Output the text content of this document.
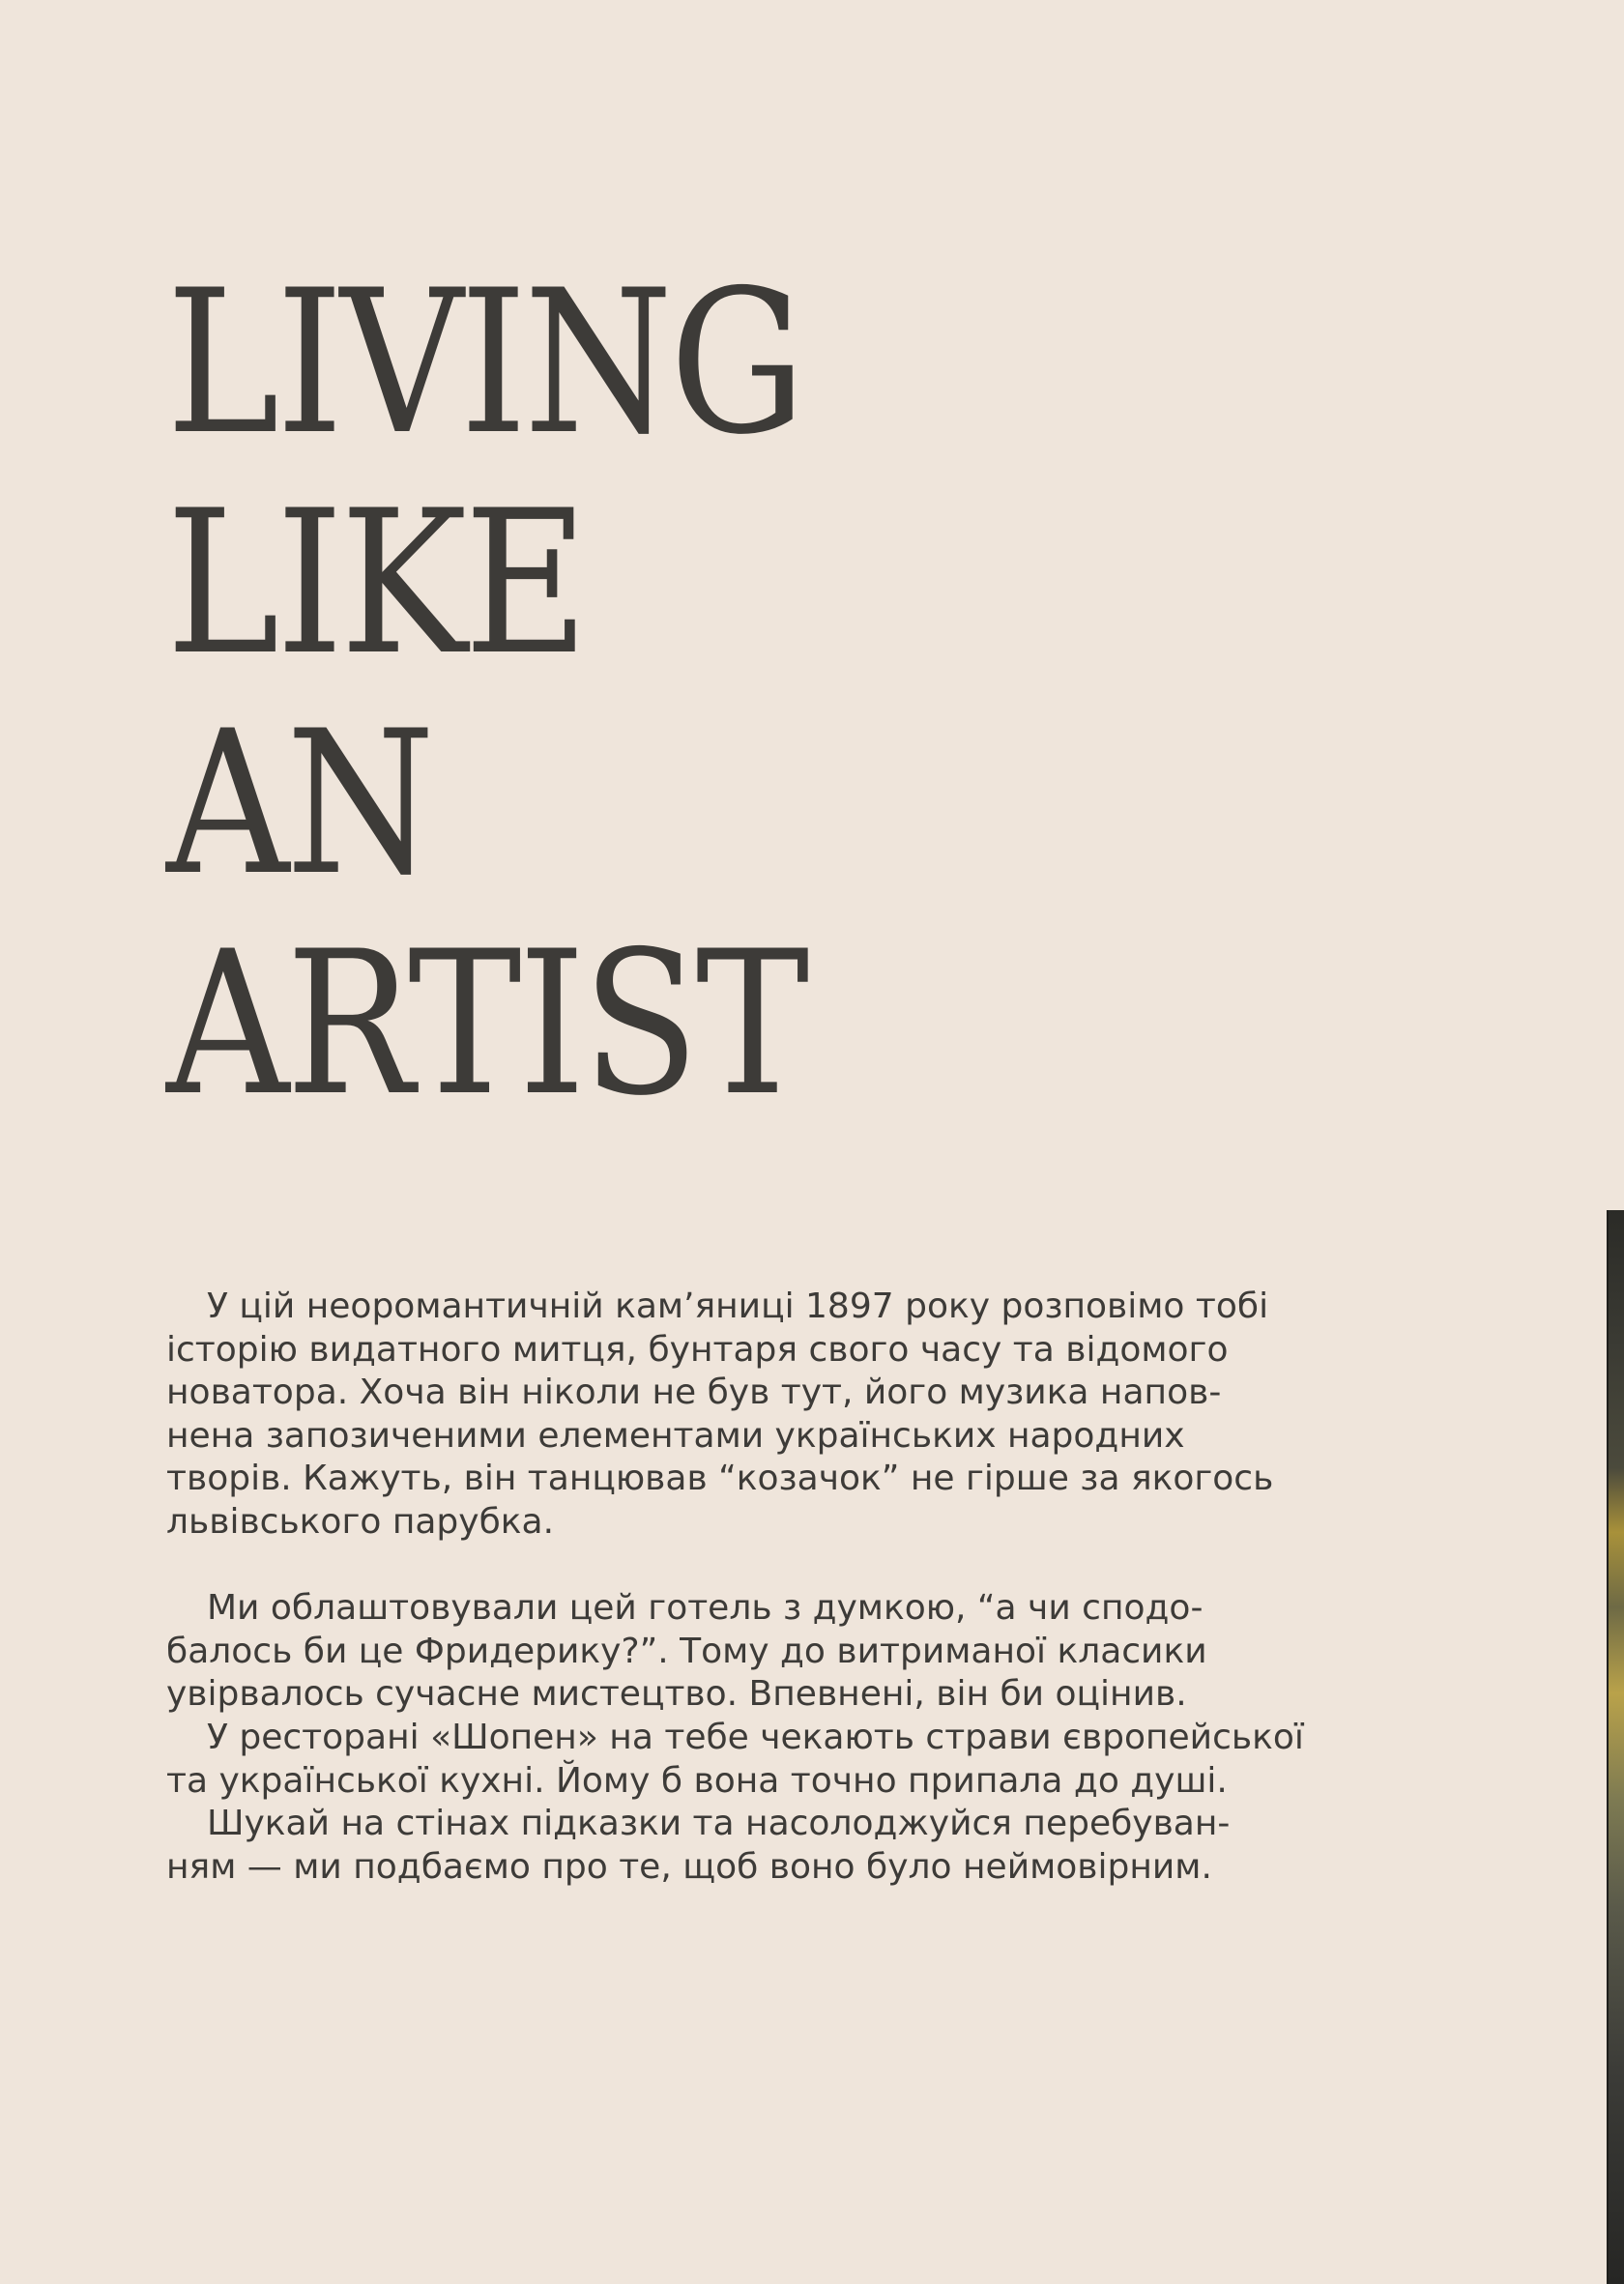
LIVING
LIKE
AN
ARTIST

У цій неоромантичній кам’яниці 1897 року розповімо тобі

історію видатного митця, бунтаря свого часу та відомого

новатора. Хоча він ніколи не був тут, його музика напов-

нена запозиченими елементами українських народних

творів. Кажуть, він танцював “козачок” не гірше за якогось

львівського парубка.

Ми облаштовували цей готель з думкою, “а чи сподо-

балось би це Фридерику?”. Тому до витриманої класики

увірвалось сучасне мистецтво. Впевнені, він би оцінив.

У ресторані «Шопен» на тебе чекають страви європейської

та української кухні. Йому б вона точно припала до душі.

Шукай на стінах підказки та насолоджуйся перебуван-

ням — ми подбаємо про те, щоб воно було неймовірним.
